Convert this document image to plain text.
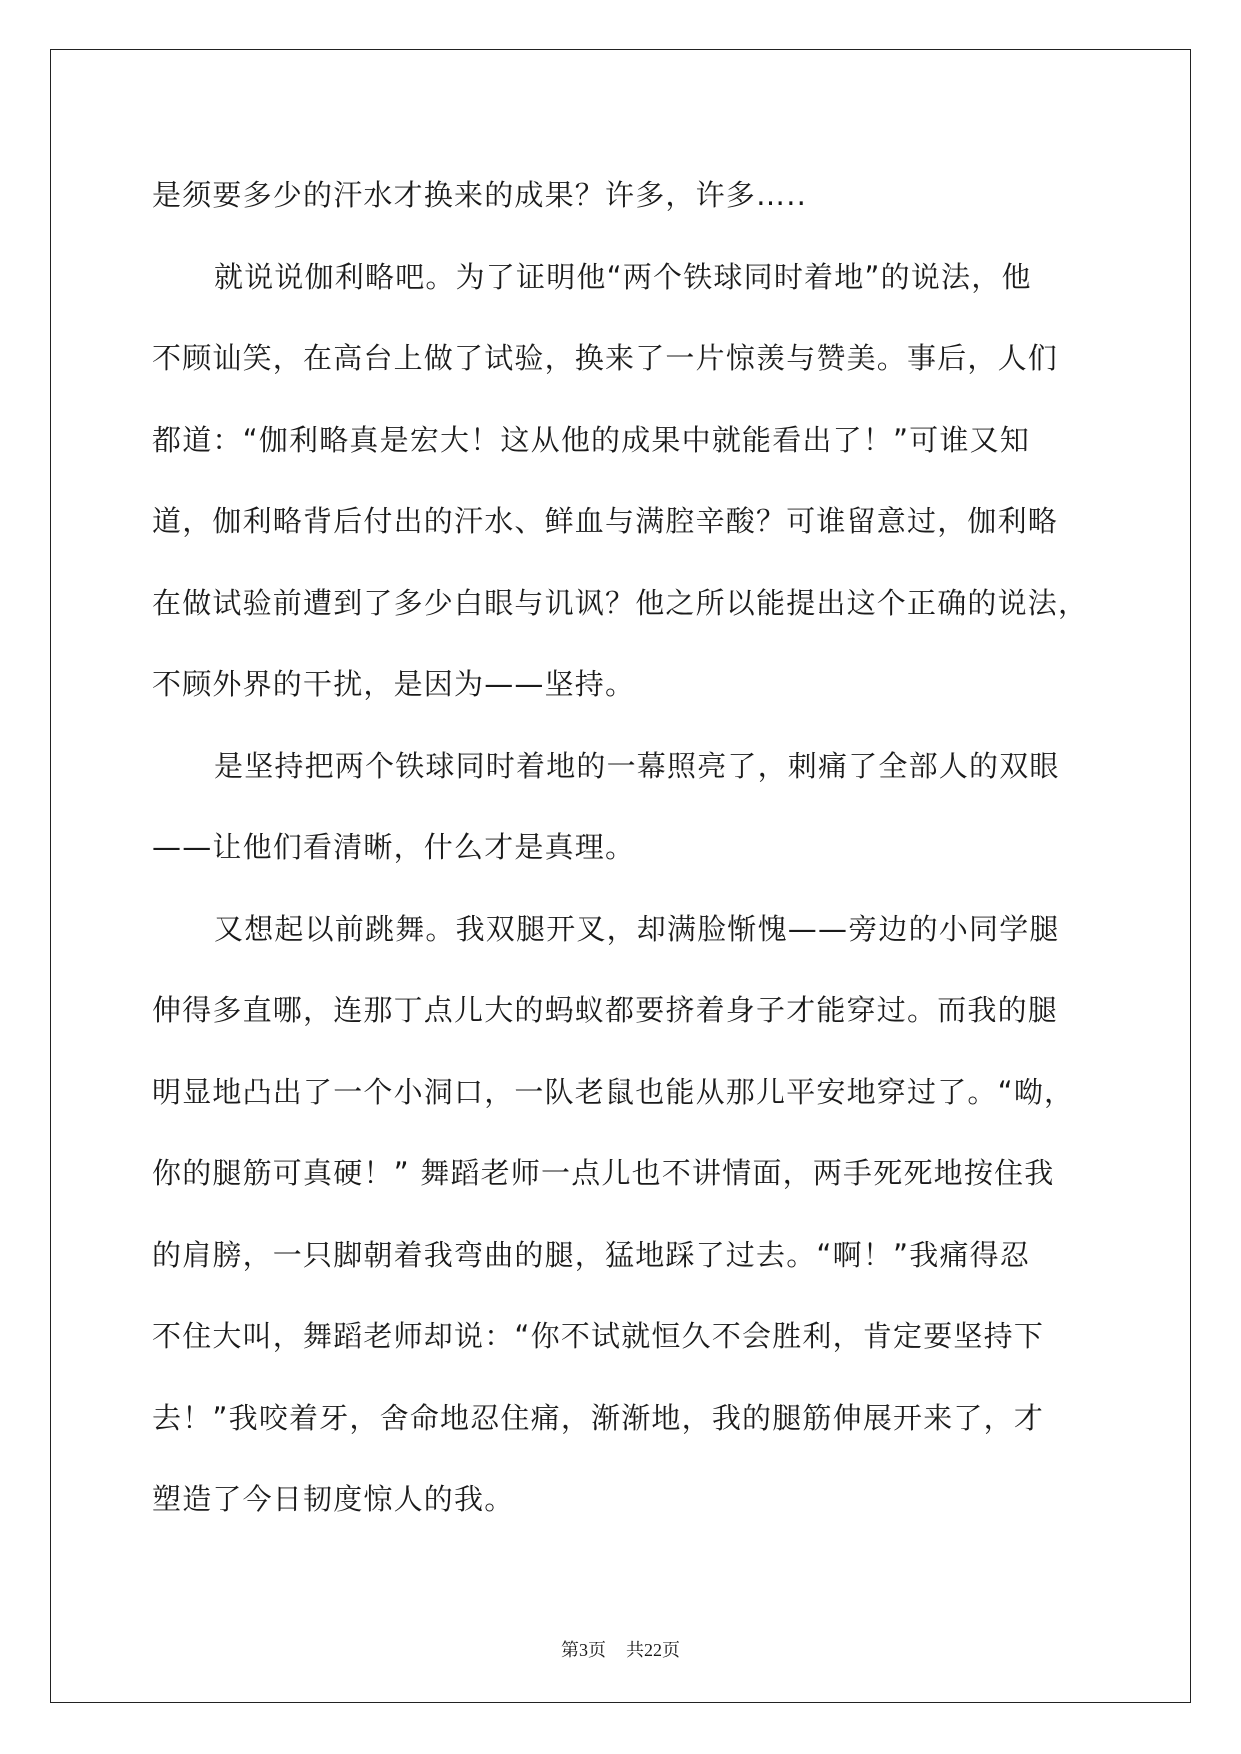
是须要多少的汗水才换来的成果？许多，许多…..
就说说伽利略吧。为了证明他“两个铁球同时着地”的说法，他
不顾讪笑，在高台上做了试验，换来了一片惊羡与赞美。事后，人们
都道：“伽利略真是宏大！这从他的成果中就能看出了！”可谁又知
道，伽利略背后付出的汗水、鲜血与满腔辛酸？可谁留意过，伽利略
在做试验前遭到了多少白眼与讥讽？他之所以能提出这个正确的说法，
不顾外界的干扰，是因为——坚持。
是坚持把两个铁球同时着地的一幕照亮了，刺痛了全部人的双眼
——让他们看清晰，什么才是真理。
又想起以前跳舞。我双腿开叉，却满脸惭愧——旁边的小同学腿
伸得多直哪，连那丁点儿大的蚂蚁都要挤着身子才能穿过。而我的腿
明显地凸出了一个小洞口，一队老鼠也能从那儿平安地穿过了。“呦，
你的腿筋可真硬！” 舞蹈老师一点儿也不讲情面，两手死死地按住我
的肩膀，一只脚朝着我弯曲的腿，猛地踩了过去。“啊！”我痛得忍
不住大叫，舞蹈老师却说：“你不试就恒久不会胜利，肯定要坚持下
去！”我咬着牙，舍命地忍住痛，渐渐地，我的腿筋伸展开来了，才
塑造了今日韧度惊人的我。
第3页 共22页
